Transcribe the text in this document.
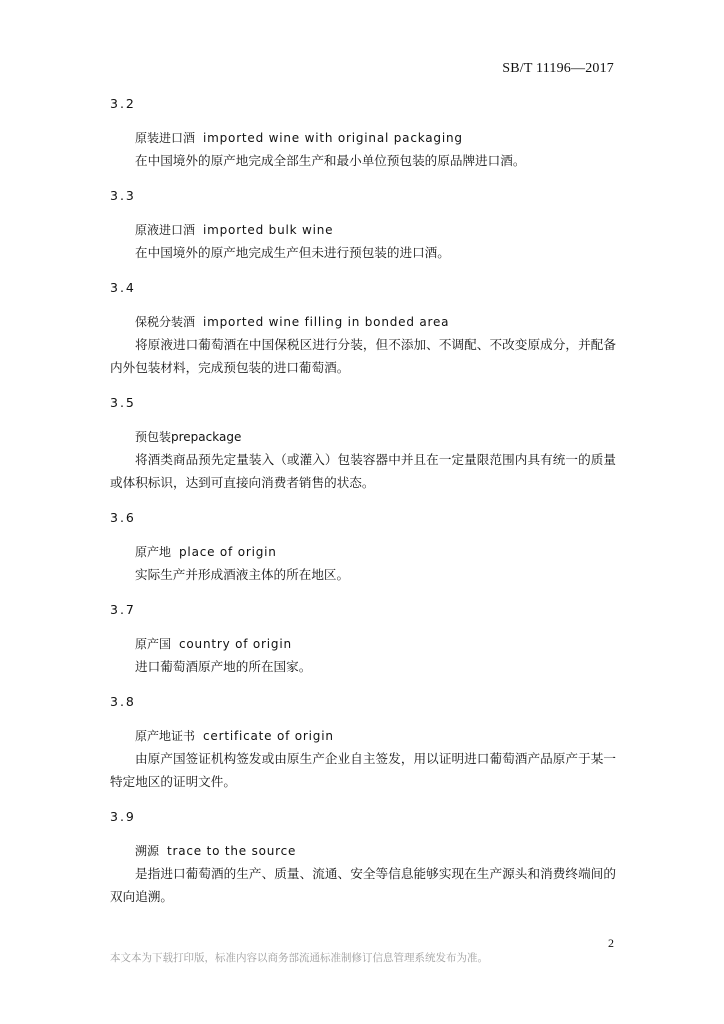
SB/T 11196—2017
3.2
原装进口酒 imported wine with original packaging
在中国境外的原产地完成全部生产和最小单位预包装的原品牌进口酒。
3.3
原液进口酒 imported bulk wine
在中国境外的原产地完成生产但未进行预包装的进口酒。
3.4
保税分装酒 imported wine filling in bonded area
将原液进口葡萄酒在中国保税区进行分装，但不添加、不调配、不改变原成分，并配备内外包装材料，完成预包装的进口葡萄酒。
3.5
预包装prepackage
将酒类商品预先定量装入（或灌入）包装容器中并且在一定量限范围内具有统一的质量或体积标识，达到可直接向消费者销售的状态。
3.6
原产地 place of origin
实际生产并形成酒液主体的所在地区。
3.7
原产国 country of origin
进口葡萄酒原产地的所在国家。
3.8
原产地证书 certificate of origin
由原产国签证机构签发或由原生产企业自主签发，用以证明进口葡萄酒产品原产于某一特定地区的证明文件。
3.9
溯源 trace to the source
是指进口葡萄酒的生产、质量、流通、安全等信息能够实现在生产源头和消费终端间的双向追溯。
2
本文本为下载打印版，标准内容以商务部流通标准制修订信息管理系统发布为准。
